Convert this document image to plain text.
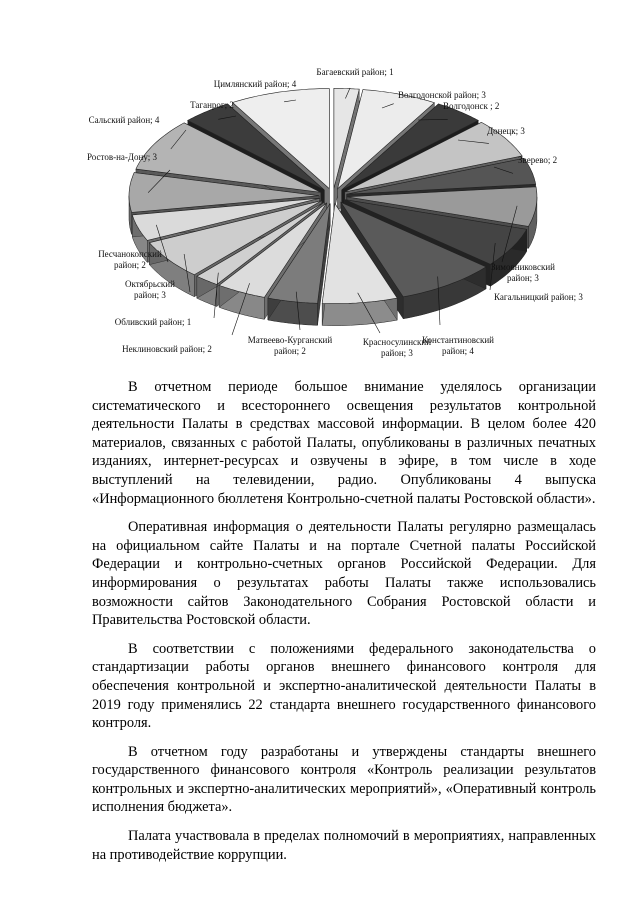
Багаевский район; 1
Волгодонской район; 3
Волгодонск ; 2
Донецк; 3
Зверево; 2
Зимовниковский район; 3
Кагальницкий район; 3
Константиновский район; 4
Красносулинский район; 3
Матвеево-Курганский район; 2
Неклиновский район; 2
Обливский район; 1
Октябрьский район; 3
Песчанокопский район; 2
Ростов-на-Дону; 3
Сальский район; 4
Таганрог; 2
Цимлянский район; 4

В отчетном периоде большое внимание уделялось организации систематического и всестороннего освещения результатов контрольной деятельности Палаты в средствах массовой информации. В целом более 420 материалов, связанных с работой Палаты, опубликованы в различных печатных изданиях, интернет-ресурсах и озвучены в эфире, в том числе в ходе выступлений на телевидении, радио. Опубликованы 4 выпуска «Информационного бюллетеня Контрольно-счетной палаты Ростовской области».

Оперативная информация о деятельности Палаты регулярно размещалась на официальном сайте Палаты и на портале Счетной палаты Российской Федерации и контрольно-счетных органов Российской Федерации. Для информирования о результатах работы Палаты также использовались возможности сайтов Законодательного Собрания Ростовской области и Правительства Ростовской области.

В соответствии с положениями федерального законодательства о стандартизации работы органов внешнего финансового контроля для обеспечения контрольной и экспертно-аналитической деятельности Палаты в 2019 году применялись 22 стандарта внешнего государственного финансового контроля.

В отчетном году разработаны и утверждены стандарты внешнего государственного финансового контроля «Контроль реализации результатов контрольных и экспертно-аналитических мероприятий», «Оперативный контроль исполнения бюджета».

Палата участвовала в пределах полномочий в мероприятиях, направленных на противодействие коррупции.
